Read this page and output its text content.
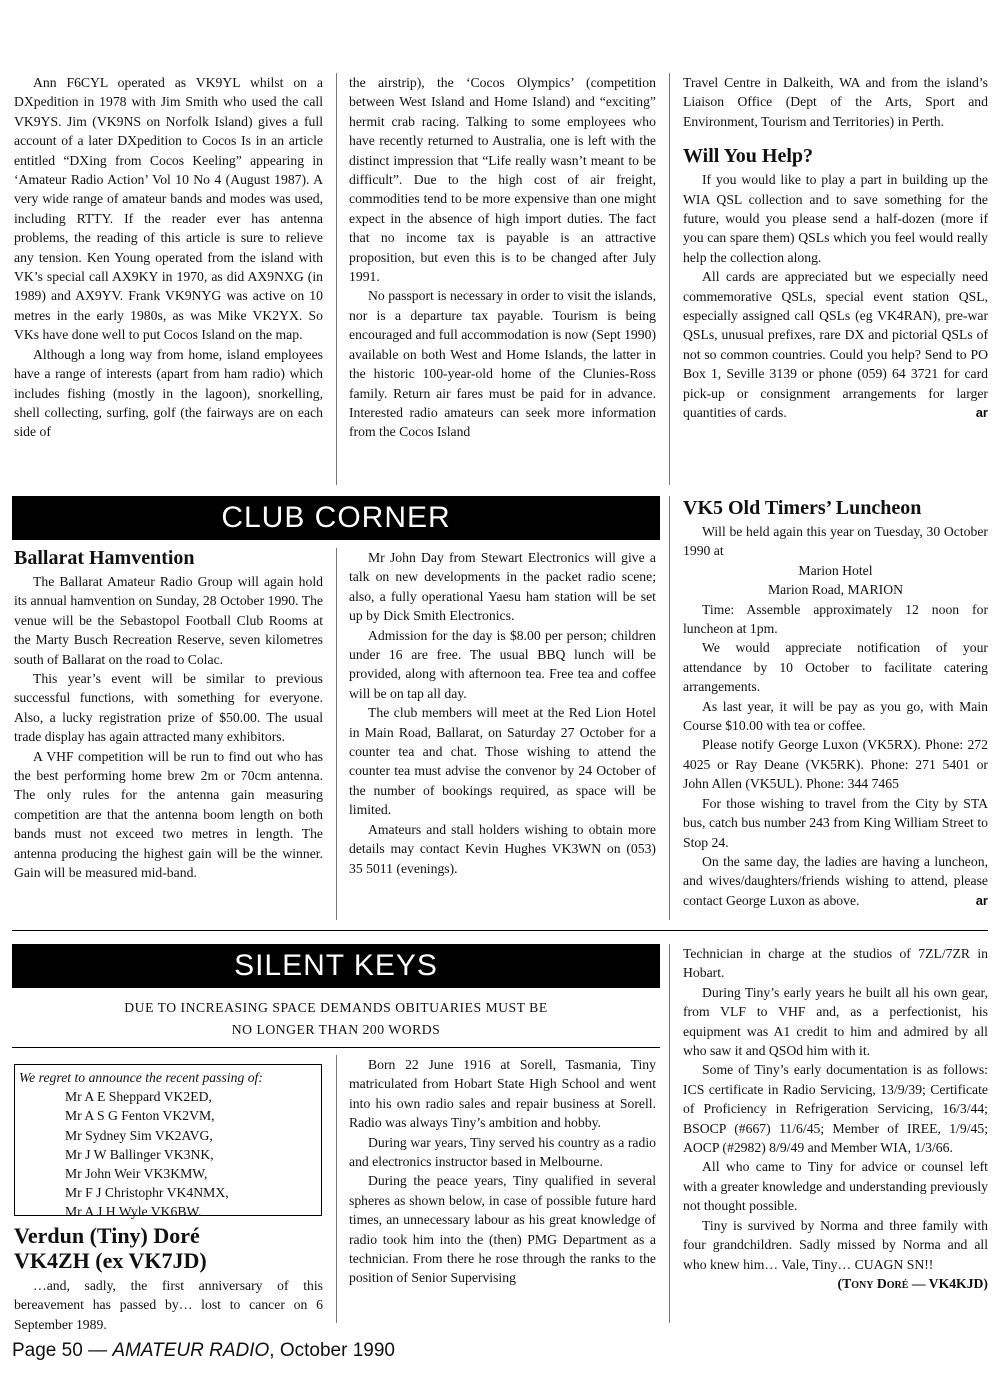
Ann F6CYL operated as VK9YL whilst on a DXpedition in 1978 with Jim Smith who used the call VK9YS. Jim (VK9NS on Norfolk Island) gives a full account of a later DXpedition to Cocos Is in an article entitled “DXing from Cocos Keeling” appearing in ‘Amateur Radio Action’ Vol 10 No 4 (August 1987). A very wide range of amateur bands and modes was used, including RTTY. If the reader ever has antenna problems, the reading of this article is sure to relieve any tension. Ken Young operated from the island with VK’s special call AX9KY in 1970, as did AX9NXG (in 1989) and AX9YV. Frank VK9NYG was active on 10 metres in the early 1980s, as was Mike VK2YX. So VKs have done well to put Cocos Island on the map.

Although a long way from home, island employees have a range of interests (apart from ham radio) which includes fishing (mostly in the lagoon), snorkelling, shell collecting, surfing, golf (the fairways are on each side of

the airstrip), the ‘Cocos Olympics’ (competition between West Island and Home Island) and “exciting” hermit crab racing. Talking to some employees who have recently returned to Australia, one is left with the distinct impression that “Life really wasn’t meant to be difficult”. Due to the high cost of air freight, commodities tend to be more expensive than one might expect in the absence of high import duties. The fact that no income tax is payable is an attractive proposition, but even this is to be changed after July 1991.

No passport is necessary in order to visit the islands, nor is a departure tax payable. Tourism is being encouraged and full accommodation is now (Sept 1990) available on both West and Home Islands, the latter in the historic 100-year-old home of the Clunies-Ross family. Return air fares must be paid for in advance. Interested radio amateurs can seek more information from the Cocos Island

Travel Centre in Dalkeith, WA and from the island’s Liaison Office (Dept of the Arts, Sport and Environment, Tourism and Territories) in Perth.

Will You Help?

If you would like to play a part in building up the WIA QSL collection and to save something for the future, would you please send a half-dozen (more if you can spare them) QSLs which you feel would really help the collection along.

All cards are appreciated but we especially need commemorative QSLs, special event station QSL, especially assigned call QSLs (eg VK4RAN), pre-war QSLs, unusual prefixes, rare DX and pictorial QSLs of not so common countries. Could you help? Send to PO Box 1, Seville 3139 or phone (059) 64 3721 for card pick-up or consignment arrangements for larger quantities of cards.	ar

CLUB CORNER
Ballarat Hamvention

The Ballarat Amateur Radio Group will again hold its annual hamvention on Sunday, 28 October 1990. The venue will be the Sebastopol Football Club Rooms at the Marty Busch Recreation Reserve, seven kilometres south of Ballarat on the road to Colac.

This year’s event will be similar to previous successful functions, with something for everyone. Also, a lucky registration prize of $50.00. The usual trade display has again attracted many exhibitors.

A VHF competition will be run to find out who has the best performing home brew 2m or 70cm antenna. The only rules for the antenna gain measuring competition are that the antenna boom length on both bands must not exceed two metres in length. The antenna producing the highest gain will be the winner. Gain will be measured mid-band.

Mr John Day from Stewart Electronics will give a talk on new developments in the packet radio scene; also, a fully operational Yaesu ham station will be set up by Dick Smith Electronics.

Admission for the day is $8.00 per person; children under 16 are free. The usual BBQ lunch will be provided, along with afternoon tea. Free tea and coffee will be on tap all day.

The club members will meet at the Red Lion Hotel in Main Road, Ballarat, on Saturday 27 October for a counter tea and chat. Those wishing to attend the counter tea must advise the convenor by 24 October of the number of bookings required, as space will be limited.

Amateurs and stall holders wishing to obtain more details may contact Kevin Hughes VK3WN on (053) 35 5011 (evenings).

VK5 Old Timers’ Luncheon

Will be held again this year on Tuesday, 30 October 1990 at

Marion Hotel

Marion Road, MARION

Time: Assemble approximately 12 noon for luncheon at 1pm.

We would appreciate notification of your attendance by 10 October to facilitate catering arrangements.

As last year, it will be pay as you go, with Main Course $10.00 with tea or coffee.

Please notify George Luxon (VK5RX). Phone: 272 4025 or Ray Deane (VK5RK). Phone: 271 5401 or John Allen (VK5UL). Phone: 344 7465

For those wishing to travel from the City by STA bus, catch bus number 243 from King William Street to Stop 24.

On the same day, the ladies are having a luncheon, and wives/daughters/friends wishing to attend, please contact George Luxon as above.	ar

SILENT KEYS
DUE TO INCREASING SPACE DEMANDS OBITUARIES MUST BE
NO LONGER THAN 200 WORDS
We regret to announce the recent passing of:
Mr A E Sheppard VK2ED,
Mr A S G Fenton VK2VM,
Mr Sydney Sim VK2AVG,
Mr J W Ballinger VK3NK,
Mr John Weir VK3KMW,
Mr F J Christophr VK4NMX,
Mr A J H Wyle VK6BW.
Verdun (Tiny) Doré
VK4ZH (ex VK7JD)

…and, sadly, the first anniversary of this bereavement has passed by… lost to cancer on 6 September 1989.

Born 22 June 1916 at Sorell, Tasmania, Tiny matriculated from Hobart State High School and went into his own radio sales and repair business at Sorell. Radio was always Tiny’s ambition and hobby.

During war years, Tiny served his country as a radio and electronics instructor based in Melbourne.

During the peace years, Tiny qualified in several spheres as shown below, in case of possible future hard times, an unnecessary labour as his great knowledge of radio took him into the (then) PMG Department as a technician. From there he rose through the ranks to the position of Senior Supervising

Technician in charge at the studios of 7ZL/7ZR in Hobart.

During Tiny’s early years he built all his own gear, from VLF to VHF and, as a perfectionist, his equipment was A1 credit to him and admired by all who saw it and QSOd him with it.

Some of Tiny’s early documentation is as follows: ICS certificate in Radio Servicing, 13/9/39; Certificate of Proficiency in Refrigeration Servicing, 16/3/44; BSOCP (#667) 11/6/45; Member of IREE, 1/9/45; AOCP (#2982) 8/9/49 and Member WIA, 1/3/66.

All who came to Tiny for advice or counsel left with a greater knowledge and understanding previously not thought possible.

Tiny is survived by Norma and three family with four grandchildren. Sadly missed by Norma and all who knew him… Vale, Tiny… CUAGN SN!!

(Tony Doré — VK4KJD)

Page 50 — AMATEUR RADIO, October 1990
